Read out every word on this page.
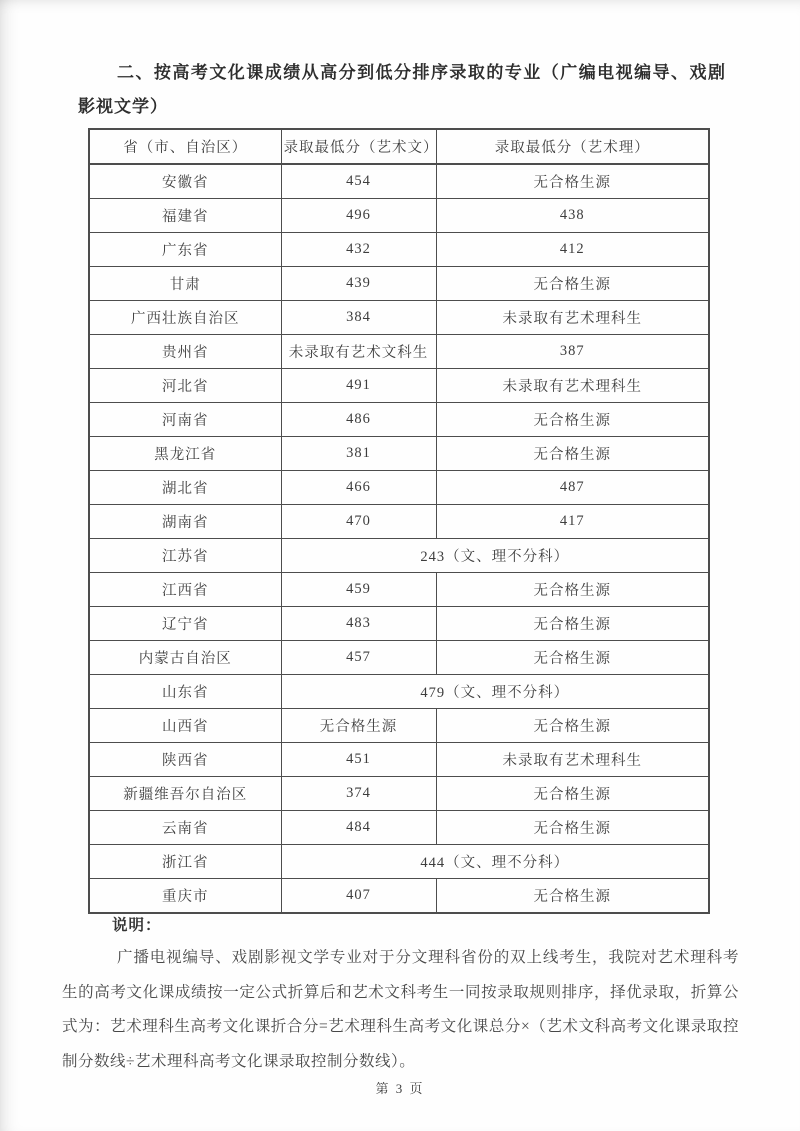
二、按高考文化课成绩从高分到低分排序录取的专业（广编电视编导、戏剧影视文学）
省（市、自治区）	录取最低分（艺术文）	录取最低分（艺术理）
安徽省	454	无合格生源
福建省	496	438
广东省	432	412
甘肃	439	无合格生源
广西壮族自治区	384	未录取有艺术理科生
贵州省	未录取有艺术文科生	387
河北省	491	未录取有艺术理科生
河南省	486	无合格生源
黑龙江省	381	无合格生源
湖北省	466	487
湖南省	470	417
江苏省	243（文、理不分科）	
江西省	459	无合格生源
辽宁省	483	无合格生源
内蒙古自治区	457	无合格生源
山东省	479（文、理不分科）	
山西省	无合格生源	无合格生源
陕西省	451	未录取有艺术理科生
新疆维吾尔自治区	374	无合格生源
云南省	484	无合格生源
浙江省	444（文、理不分科）	
重庆市	407	无合格生源
说明：
广播电视编导、戏剧影视文学专业对于分文理科省份的双上线考生，我院对艺术理科考生的高考文化课成绩按一定公式折算后和艺术文科考生一同按录取规则排序，择优录取，折算公式为：艺术理科生高考文化课折合分=艺术理科生高考文化课总分×（艺术文科高考文化课录取控制分数线÷艺术理科高考文化课录取控制分数线）。
第 3 页
